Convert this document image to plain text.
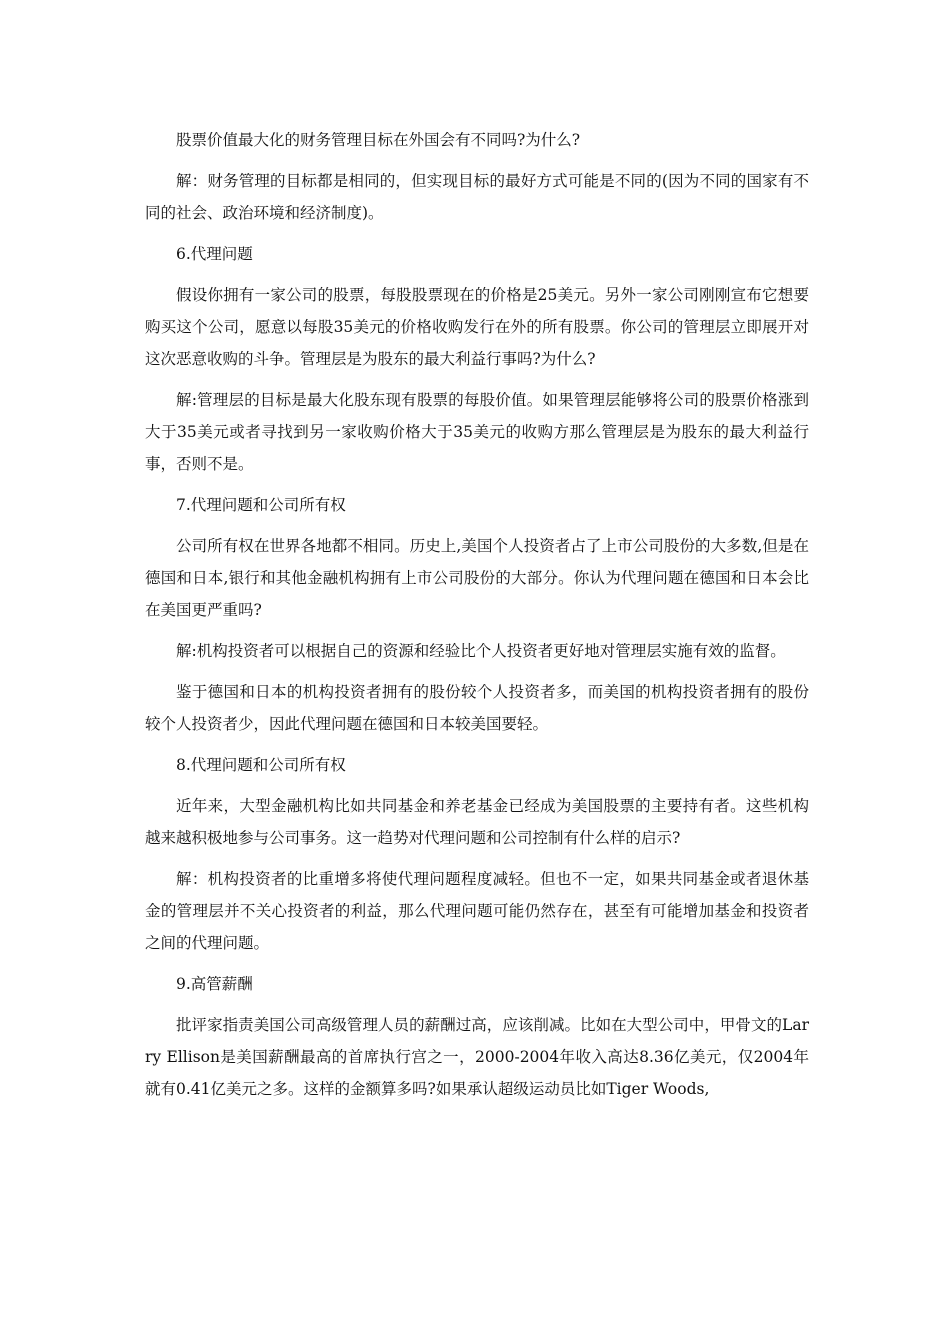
股票价值最大化的财务管理目标在外国会有不同吗?为什么?

解：财务管理的目标都是相同的，但实现目标的最好方式可能是不同的(因为不同的国家有不同的社会、政治环境和经济制度)。

6.代理问题

假设你拥有一家公司的股票，每股股票现在的价格是25美元。另外一家公司刚刚宣布它想要购买这个公司，愿意以每股35美元的价格收购发行在外的所有股票。你公司的管理层立即展开对这次恶意收购的斗争。管理层是为股东的最大利益行事吗?为什么?

解:管理层的目标是最大化股东现有股票的每股价值。如果管理层能够将公司的股票价格涨到大于35美元或者寻找到另一家收购价格大于35美元的收购方那么管理层是为股东的最大利益行事，否则不是。

7.代理问题和公司所有权

公司所有权在世界各地都不相同。历史上,美国个人投资者占了上市公司股份的大多数,但是在德国和日本,银行和其他金融机构拥有上市公司股份的大部分。你认为代理问题在德国和日本会比在美国更严重吗?

解:机构投资者可以根据自己的资源和经验比个人投资者更好地对管理层实施有效的监督。

鉴于德国和日本的机构投资者拥有的股份较个人投资者多，而美国的机构投资者拥有的股份较个人投资者少，因此代理问题在德国和日本较美国要轻。

8.代理问题和公司所有权

近年来，大型金融机构比如共同基金和养老基金已经成为美国股票的主要持有者。这些机构越来越积极地参与公司事务。这一趋势对代理问题和公司控制有什么样的启示?

解：机构投资者的比重增多将使代理问题程度减轻。但也不一定，如果共同基金或者退休基金的管理层并不关心投资者的利益，那么代理问题可能仍然存在，甚至有可能增加基金和投资者之间的代理问题。

9.高管薪酬

批评家指责美国公司高级管理人员的薪酬过高，应该削减。比如在大型公司中，甲骨文的Larry Ellison是美国薪酬最高的首席执行宫之一，2000-2004年收入高达8.36亿美元，仅2004年就有0.41亿美元之多。这样的金额算多吗?如果承认超级运动员比如Tiger Woods,
